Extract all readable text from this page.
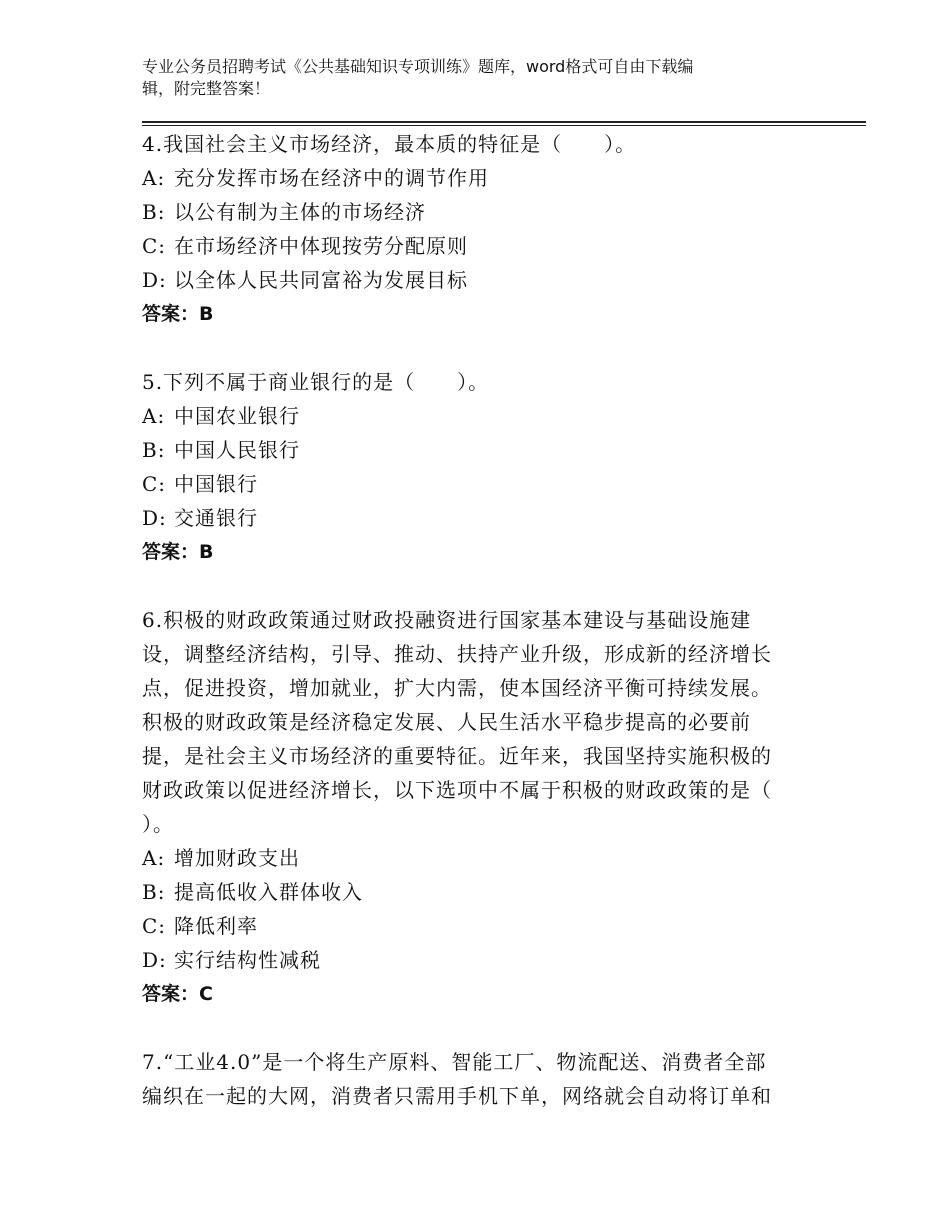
专业公务员招聘考试《公共基础知识专项训练》题库，word格式可自由下载编
辑，附完整答案！

4.我国社会主义市场经济，最本质的特征是（　　）。

A: 充分发挥市场在经济中的调节作用

B: 以公有制为主体的市场经济

C: 在市场经济中体现按劳分配原则

D: 以全体人民共同富裕为发展目标

答案：B

5.下列不属于商业银行的是（　　）。

A: 中国农业银行

B: 中国人民银行

C: 中国银行

D: 交通银行

答案：B

6.积极的财政政策通过财政投融资进行国家基本建设与基础设施建

设，调整经济结构，引导、推动、扶持产业升级，形成新的经济增长

点，促进投资，增加就业，扩大内需，使本国经济平衡可持续发展。

积极的财政政策是经济稳定发展、人民生活水平稳步提高的必要前

提，是社会主义市场经济的重要特征。近年来，我国坚持实施积极的

财政政策以促进经济增长，以下选项中不属于积极的财政政策的是（

）。

A: 增加财政支出

B: 提高低收入群体收入

C: 降低利率

D: 实行结构性减税

答案：C

7.“工业4.0”是一个将生产原料、智能工厂、物流配送、消费者全部

编织在一起的大网，消费者只需用手机下单，网络就会自动将订单和
